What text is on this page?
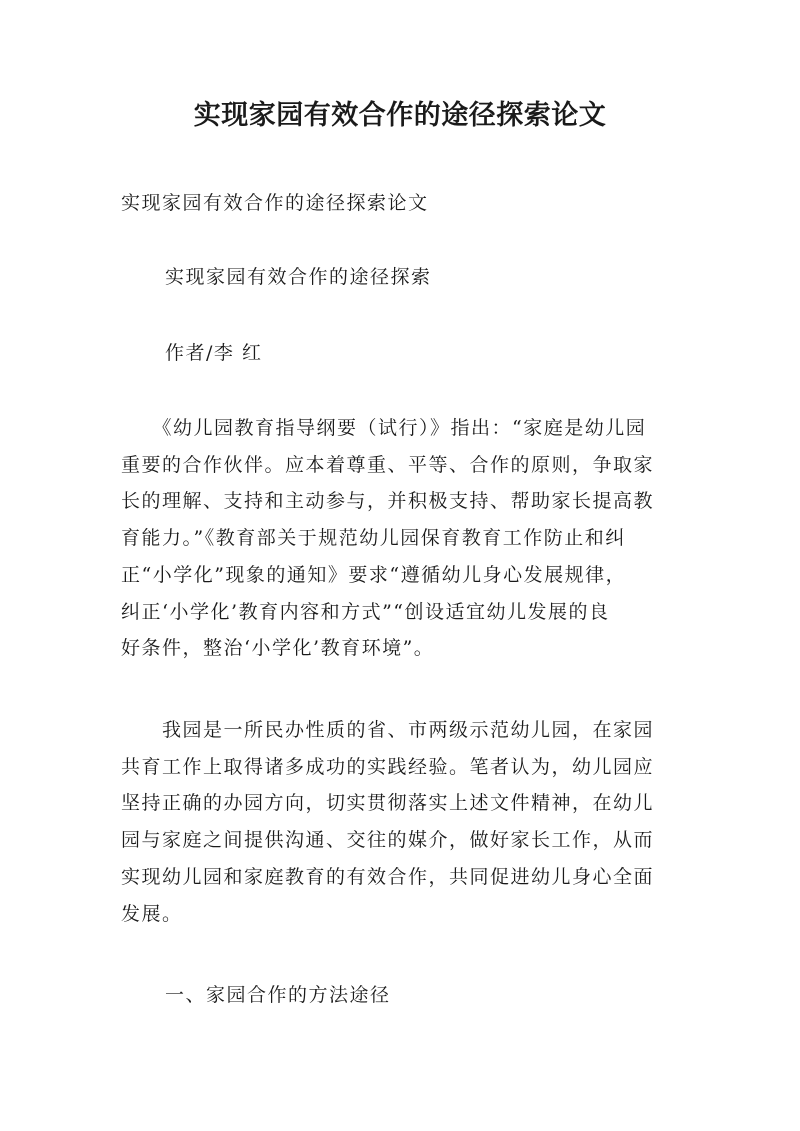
实现家园有效合作的途径探索论文

实现家园有效合作的途径探索论文

实现家园有效合作的途径探索

作者/李 红

　　《幼儿园教育指导纲要（试行）》指出：“家庭是幼儿园
重要的合作伙伴。应本着尊重、平等、合作的原则，争取家
长的理解、支持和主动参与，并积极支持、帮助家长提高教
育能力。”《教育部关于规范幼儿园保育教育工作防止和纠
正“小学化”现象的通知》要求“遵循幼儿身心发展规律，
纠正‘小学化’教育内容和方式”“创设适宜幼儿发展的良
好条件，整治‘小学化’教育环境”。
　　我园是一所民办性质的省、市两级示范幼儿园，在家园
共育工作上取得诸多成功的实践经验。笔者认为，幼儿园应
坚持正确的办园方向，切实贯彻落实上述文件精神，在幼儿
园与家庭之间提供沟通、交往的媒介，做好家长工作，从而
实现幼儿园和家庭教育的有效合作，共同促进幼儿身心全面
发展。

一、家园合作的方法途径
